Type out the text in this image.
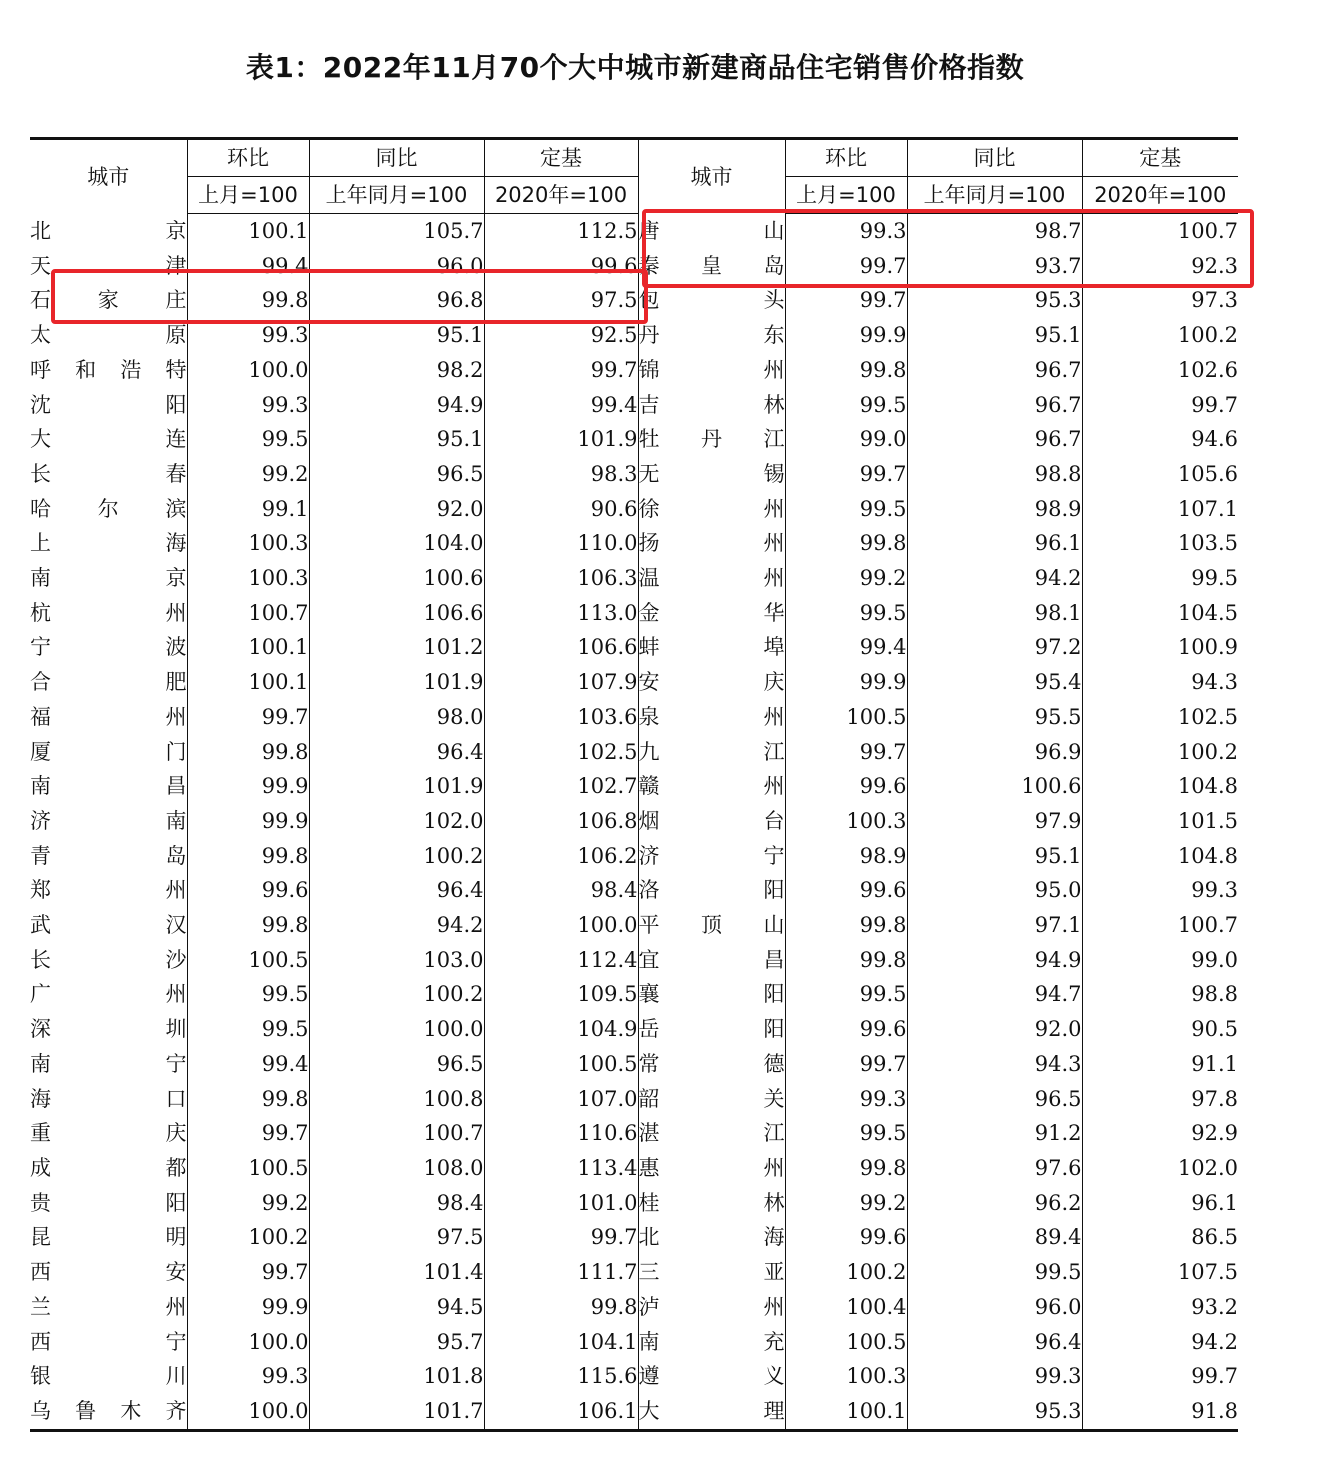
表1：2022年11月70个大中城市新建商品住宅销售价格指数
城市	环比	同比	定基	城市	环比	同比	定基
	上月=100	上年同月=100	2020年=100		上月=100	上年同月=100	2020年=100
北京	100.1	105.7	112.5	唐山	99.3	98.7	100.7
天津	99.4	96.0	99.6	秦皇岛	99.7	93.7	92.3
石家庄	99.8	96.8	97.5	包头	99.7	95.3	97.3
太原	99.3	95.1	92.5	丹东	99.9	95.1	100.2
呼和浩特	100.0	98.2	99.7	锦州	99.8	96.7	102.6
沈阳	99.3	94.9	99.4	吉林	99.5	96.7	99.7
大连	99.5	95.1	101.9	牡丹江	99.0	96.7	94.6
长春	99.2	96.5	98.3	无锡	99.7	98.8	105.6
哈尔滨	99.1	92.0	90.6	徐州	99.5	98.9	107.1
上海	100.3	104.0	110.0	扬州	99.8	96.1	103.5
南京	100.3	100.6	106.3	温州	99.2	94.2	99.5
杭州	100.7	106.6	113.0	金华	99.5	98.1	104.5
宁波	100.1	101.2	106.6	蚌埠	99.4	97.2	100.9
合肥	100.1	101.9	107.9	安庆	99.9	95.4	94.3
福州	99.7	98.0	103.6	泉州	100.5	95.5	102.5
厦门	99.8	96.4	102.5	九江	99.7	96.9	100.2
南昌	99.9	101.9	102.7	赣州	99.6	100.6	104.8
济南	99.9	102.0	106.8	烟台	100.3	97.9	101.5
青岛	99.8	100.2	106.2	济宁	98.9	95.1	104.8
郑州	99.6	96.4	98.4	洛阳	99.6	95.0	99.3
武汉	99.8	94.2	100.0	平顶山	99.8	97.1	100.7
长沙	100.5	103.0	112.4	宜昌	99.8	94.9	99.0
广州	99.5	100.2	109.5	襄阳	99.5	94.7	98.8
深圳	99.5	100.0	104.9	岳阳	99.6	92.0	90.5
南宁	99.4	96.5	100.5	常德	99.7	94.3	91.1
海口	99.8	100.8	107.0	韶关	99.3	96.5	97.8
重庆	99.7	100.7	110.6	湛江	99.5	91.2	92.9
成都	100.5	108.0	113.4	惠州	99.8	97.6	102.0
贵阳	99.2	98.4	101.0	桂林	99.2	96.2	96.1
昆明	100.2	97.5	99.7	北海	99.6	89.4	86.5
西安	99.7	101.4	111.7	三亚	100.2	99.5	107.5
兰州	99.9	94.5	99.8	泸州	100.4	96.0	93.2
西宁	100.0	95.7	104.1	南充	100.5	96.4	94.2
银川	99.3	101.8	115.6	遵义	100.3	99.3	99.7
乌鲁木齐	100.0	101.7	106.1	大理	100.1	95.3	91.8
